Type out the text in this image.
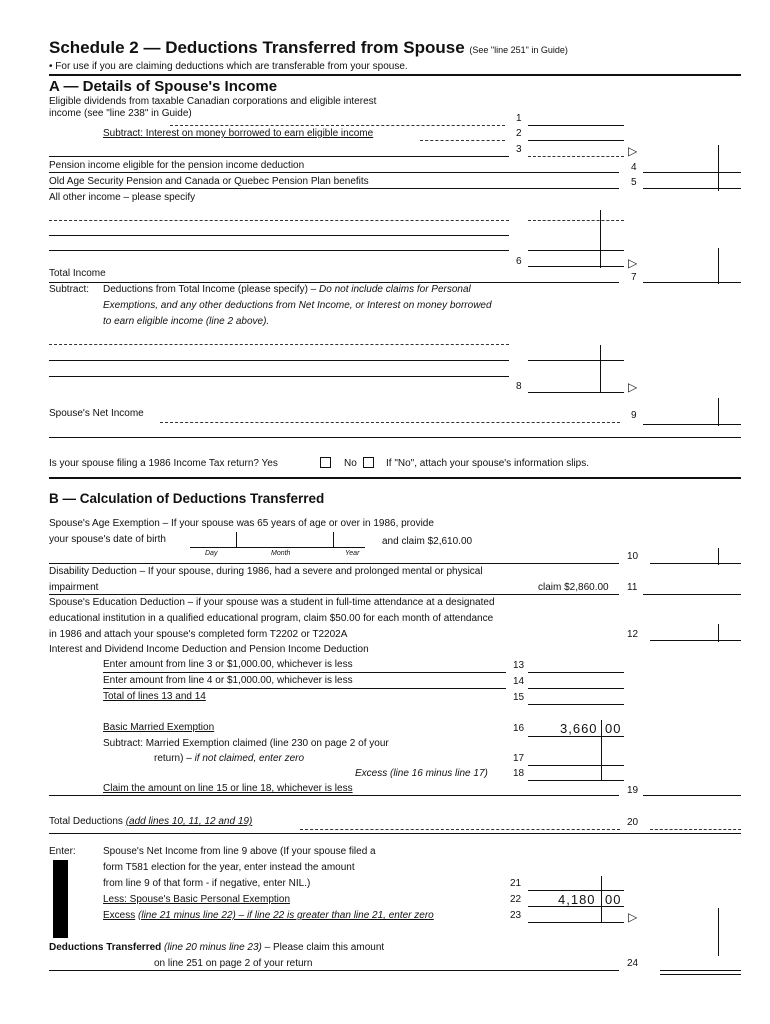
Schedule 2 — Deductions Transferred from Spouse (See "line 251" in Guide)
• For use if you are claiming deductions which are transferable from your spouse.
A — Details of Spouse's Income
Eligible dividends from taxable Canadian corporations and eligible interest
income (see "line 238" in Guide)	1
Subtract: Interest on money borrowed to earn eligible income	2
3	▷
Pension income eligible for the pension income deduction	4
Old Age Security Pension and Canada or Quebec Pension Plan benefits	5
All other income – please specify
6	▷
Total Income	7
Subtract: Deductions from Total Income (please specify) – Do not include claims for Personal
Exemptions, and any other deductions from Net Income, or Interest on money borrowed
to earn eligible income (line 2 above).
8	▷
Spouse's Net Income	9
Is your spouse filing a 1986 Income Tax return? Yes	No	If "No", attach your spouse's information slips.
B — Calculation of Deductions Transferred
Spouse's Age Exemption – If your spouse was 65 years of age or over in 1986, provide
your spouse's date of birth
Day	Month	Year
and claim $2,610.00
10
Disability Deduction – If your spouse, during 1986, had a severe and prolonged mental or physical
impairment	claim $2,860.00 11
Spouse's Education Deduction – if your spouse was a student in full-time attendance at a designated
educational institution in a qualified educational program, claim $50.00 for each month of attendance
in 1986 and attach your spouse's completed form T2202 or T2202A	12
Interest and Dividend Income Deduction and Pension Income Deduction
Enter amount from line 3 or $1,000.00, whichever is less	13
Enter amount from line 4 or $1,000.00, whichever is less	14
Total of lines 13 and 14	15
Basic Married Exemption	16	3,660 00
Subtract: Married Exemption claimed (line 230 on page 2 of your
return) – if not claimed, enter zero	17
Excess (line 16 minus line 17)	18
Claim the amount on line 15 or line 18, whichever is less	19
Total Deductions (add lines 10, 11, 12 and 19)	20
Enter:	Spouse's Net Income from line 9 above (If your spouse filed a
form T581 election for the year, enter instead the amount
from line 9 of that form - if negative, enter NIL.)	21
Less: Spouse's Basic Personal Exemption	22	4,180 00
Excess (line 21 minus line 22) – if line 22 is greater than line 21, enter zero	23	▷
Deductions Transferred (line 20 minus line 23) – Please claim this amount
on line 251 on page 2 of your return	24
